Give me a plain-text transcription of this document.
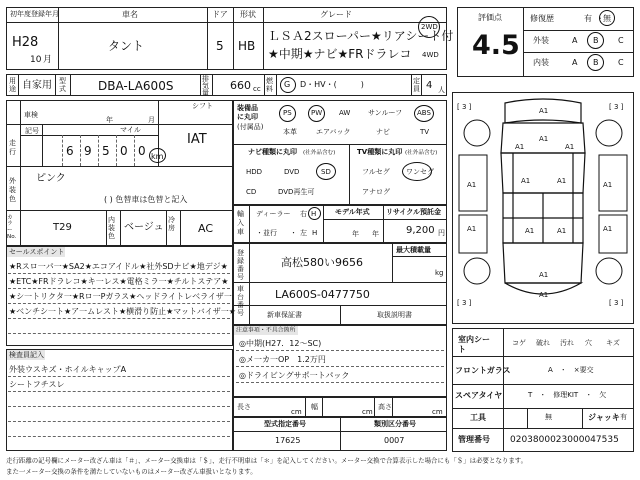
初年度登録年月	車名	ドア 形状	グレード
H28
10 月
タント	5 HB
ＬＳＡ2スローパー★リアシート付
★中期★ナビ★FRドラレコ
2WD
4WD
評価点
4.5
修復歴	有 ・ 無
外装	A B C
内装	A B C
用途 自家用 型式	DBA-LA600S	排気量
660 cc
燃料 G D・HV・(　　　)	定員 4 人
車検
年	月
シフト
IAT
走行
記号	マイル
6 9 5 0 0 km
外装色
ピンク
( ) 色替車は色替と記入
カラーNo.
T29
内装色
ベージュ
冷房 AC
装備品に丸印
(付属品)
PS	PW AW	サンルーフ ABS
本革	エアバック	ナビ	TV
ナビ種類に丸印 (社外品含む)
HDD	DVD	SD
CD	DVD再生可
TV種類に丸印 (社外品含む)
フルセグ ワンセグ
アナログ
輸入車
ディーラー 右 H
・並行 ・ 左 H
モデル年式
年 年
リサイクル預託金
9,200 円
セールスポイント
★Rスロ一パ一★SA2★エコアイドル★社外SDナビ★地デジ★
★ETC★FRドラレコ★キ一レス★電格ミラ一★チルトステア★
★シ一トリクタ一★Rロ一Pガラス★ヘッドライトレベライザ一
★ベンチシ一ト★ア一ムレスト★横滑り防止★マットバイザ一★
登録番号
高松580い9656
最大積載量
kg
車台番号
LA600S-0477750
新車保証書	取扱説明書
検査員記入
外装ウスキズ・ホイルキャップA
シートフチスレ
注意事項・不具合箇所
◎中期(H27．12～SC)
◎メ一カ一OP　1.2万円
◎ドライビングサポ一トパック
長さ
cm
幅
cm
高さ
cm
型式指定番号
17625
類別区分番号
0007
A1
A1
A1	A1
A1	A1
A1	A1
A1	A1
A1	A1
A1
A1
[ 3 ]	[ 3 ]
[ 3 ]	[ 3 ]
室内シート
コゲ 破れ 汚れ 穴 キズ
フロントガラス	A　・　×要交
スペアタイヤ	T　・　修理KIT　・　欠
工具	無	ジャッキ 有
管理番号 0203800023000047535
走行距離の記号欄にメーター改ざん車は「＃」、メーター交換車は「＄」、走行不明車は「＊」を記入してください。メーター交換で合算表示した場合にも「＄」は必要となります。
また一メーター交換の条件を満たしていないものはメーター改ざん車扱いとなります。
